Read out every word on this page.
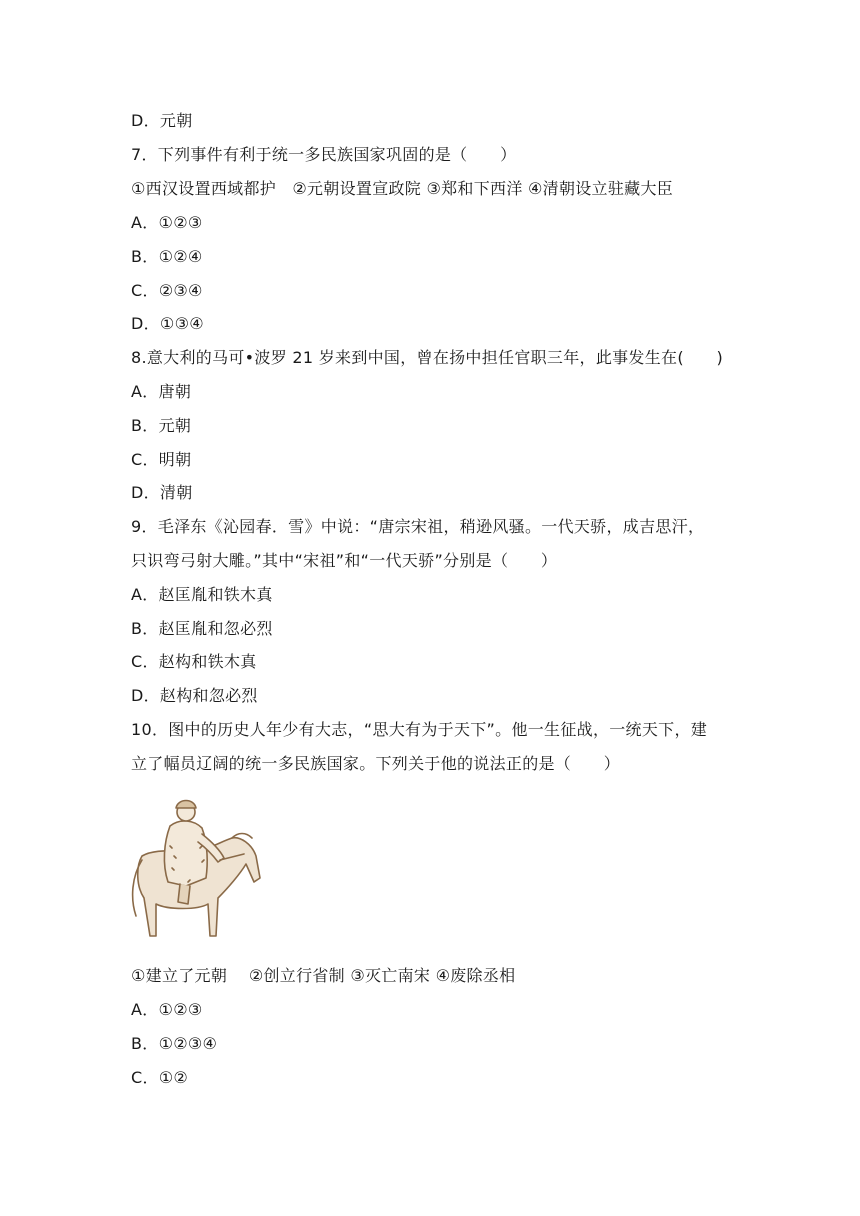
D．元朝
7．下列事件有利于统一多民族国家巩固的是（　　）
①西汉设置西域都护　②元朝设置宣政院 ③郑和下西洋 ④清朝设立驻藏大臣
A．①②③
B．①②④
C．②③④
D．①③④
8.意大利的马可•波罗 21 岁来到中国，曾在扬中担任官职三年，此事发生在(　　)
A．唐朝
B．元朝
C．明朝
D．清朝
9．毛泽东《沁园春．雪》中说：“唐宗宋祖，稍逊风骚。一代天骄，成吉思汗，
只识弯弓射大雕。”其中“宋祖”和“一代天骄”分别是（　　）
A．赵匡胤和铁木真
B．赵匡胤和忽必烈
C．赵构和铁木真
D．赵构和忽必烈
10．图中的历史人年少有大志，“思大有为于天下”。他一生征战，一统天下，建
立了幅员辽阔的统一多民族国家。下列关于他的说法正的是（　　）
①建立了元朝　 ②创立行省制 ③灭亡南宋 ④废除丞相
A．①②③
B．①②③④
C．①②
